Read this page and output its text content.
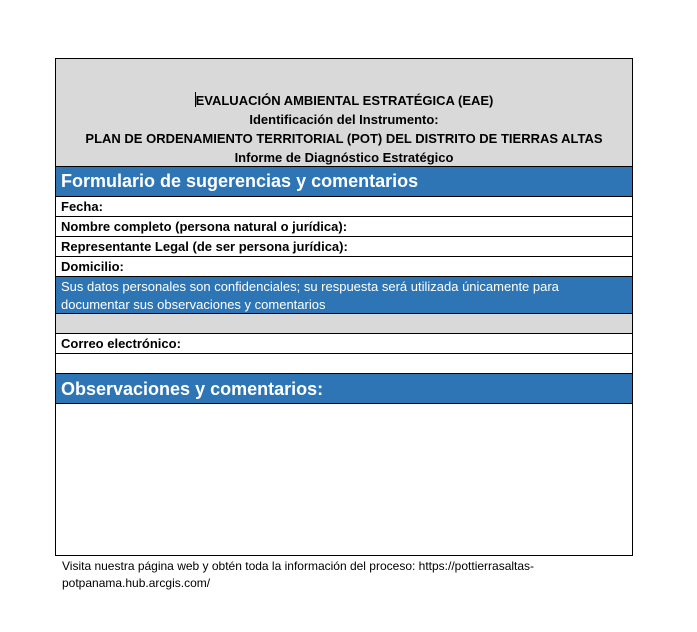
EVALUACIÓN AMBIENTAL ESTRATÉGICA (EAE)
Identificación del Instrumento:
PLAN DE ORDENAMIENTO TERRITORIAL (POT) DEL DISTRITO DE TIERRAS ALTAS
Informe de Diagnóstico Estratégico
Formulario de sugerencias y comentarios
Fecha:
Nombre completo (persona natural o jurídica):
Representante Legal (de ser persona jurídica):
Domicilio:
Sus datos personales son confidenciales; su respuesta será utilizada únicamente para documentar sus observaciones y comentarios
Correo electrónico:
Observaciones y comentarios:
Visita nuestra página web y obtén toda la información del proceso: https://pottierrasaltas-potpanama.hub.arcgis.com/
